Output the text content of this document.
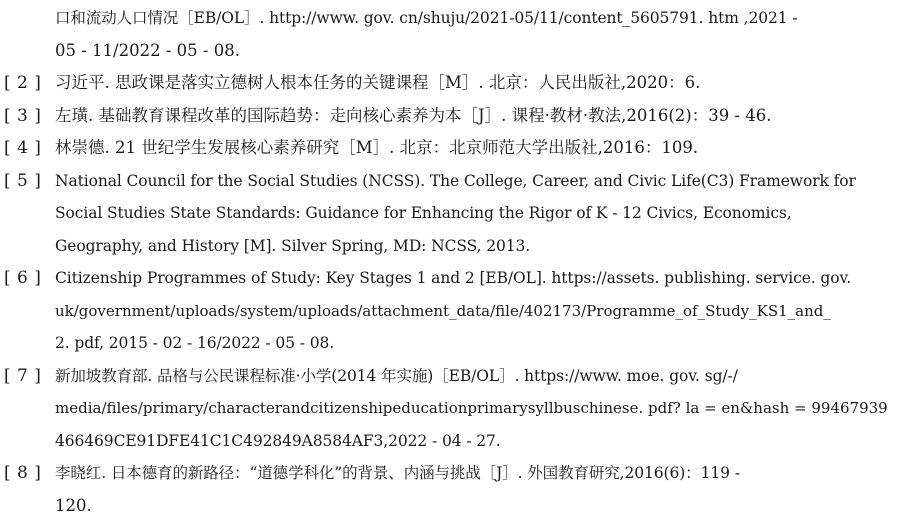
口和流动人口情况［EB/OL］. http://www. gov. cn/shuju/2021-05/11/content_5605791. htm ,2021 -
05 - 11/2022 - 05 - 08.
[ 2 ] 习近平. 思政课是落实立德树人根本任务的关键课程［M］. 北京：人民出版社,2020：6.
[ 3 ] 左璜. 基础教育课程改革的国际趋势：走向核心素养为本［J］. 课程·教材·教法,2016(2)：39 - 46.
[ 4 ] 林崇德. 21 世纪学生发展核心素养研究［M］. 北京：北京师范大学出版社,2016：109.
[ 5 ] National Council for the Social Studies (NCSS). The College, Career, and Civic Life(C3) Framework for
Social Studies State Standards: Guidance for Enhancing the Rigor of K - 12 Civics, Economics,
Geography, and History [M]. Silver Spring, MD: NCSS, 2013.
[ 6 ] Citizenship Programmes of Study: Key Stages 1 and 2 [EB/OL]. https://assets. publishing. service. gov.
uk/government/uploads/system/uploads/attachment_data/file/402173/Programme_of_Study_KS1_and_
2. pdf, 2015 - 02 - 16/2022 - 05 - 08.
[ 7 ] 新加坡教育部. 品格与公民课程标准·小学(2014 年实施)［EB/OL］. https://www. moe. gov. sg/-/
media/files/primary/characterandcitizenshipeducationprimarysyllbuschinese. pdf? la = en&hash = 99467939
466469CE91DFE41C1C492849A8584AF3,2022 - 04 - 27.
[ 8 ] 李晓红. 日本德育的新路径：“道德学科化”的背景、内涵与挑战［J］. 外国教育研究,2016(6)：119 -
120.
